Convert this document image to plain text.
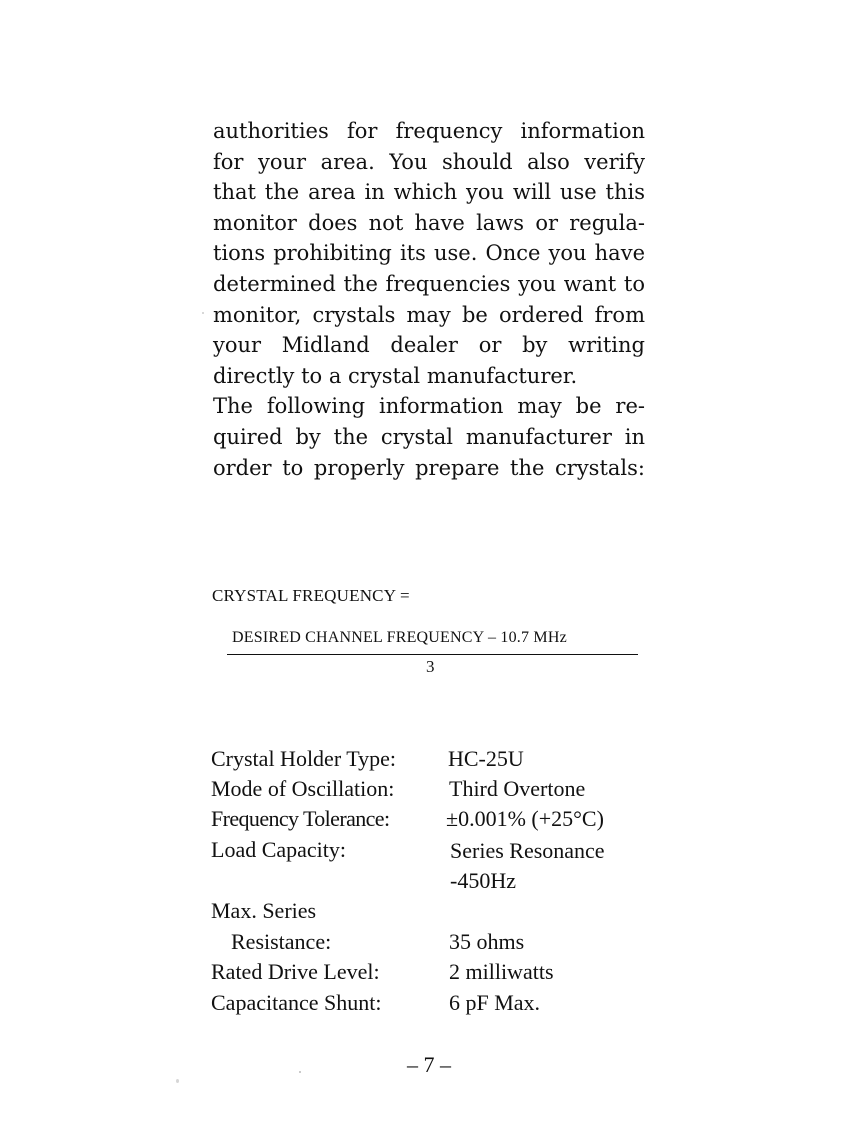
authorities for frequency information
for your area. You should also verify
that the area in which you will use this
monitor does not have laws or regula-
tions prohibiting its use. Once you have
determined the frequencies you want to
monitor, crystals may be ordered from
your Midland dealer or by writing
directly to a crystal manufacturer.
The following information may be re-
quired by the crystal manufacturer in
order to properly prepare the crystals:
CRYSTAL FREQUENCY =
DESIRED CHANNEL FREQUENCY – 10.7 MHz
3
Crystal Holder Type: HC-25U
Mode of Oscillation: Third Overtone
Frequency Tolerance:	±0.001% (+25°C)
Load Capacity:	Series Resonance
-450Hz
Max. Series
Resistance:	35 ohms
Rated Drive Level:	2 milliwatts
Capacitance Shunt:	6 pF Max.
– 7 –
